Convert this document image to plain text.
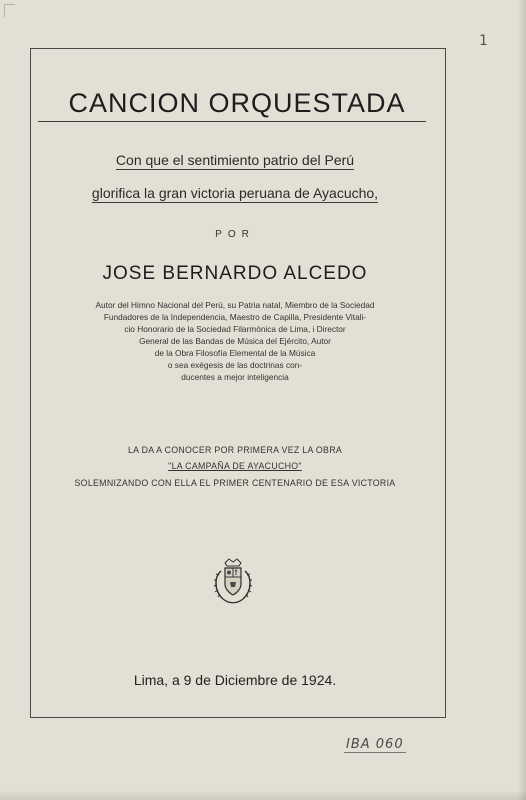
1
CANCION ORQUESTADA
Con que el sentimiento patrio del Perú
glorifica la gran victoria peruana de Ayacucho,
POR
JOSE BERNARDO ALCEDO
Autor del Himno Nacional del Perú, su Patria natal, Miembro de la Sociedad
Fundadores de la Independencia, Maestro de Capilla, Presidente Vitali-
cio Honorario de la Sociedad Filarmónica de Lima, i Director
General de las Bandas de Música del Ejército, Autor
de la Obra Filosofía Elemental de la Música
o sea exégesis de las doctrinas con-
ducentes a mejor inteligencia
LA DA A CONOCER POR PRIMERA VEZ LA OBRA
"LA CAMPAÑA DE AYACUCHO"
SOLEMNIZANDO CON ELLA EL PRIMER CENTENARIO DE ESA VICTORIA
Lima, a 9 de Diciembre de 1924.
IBA 060
